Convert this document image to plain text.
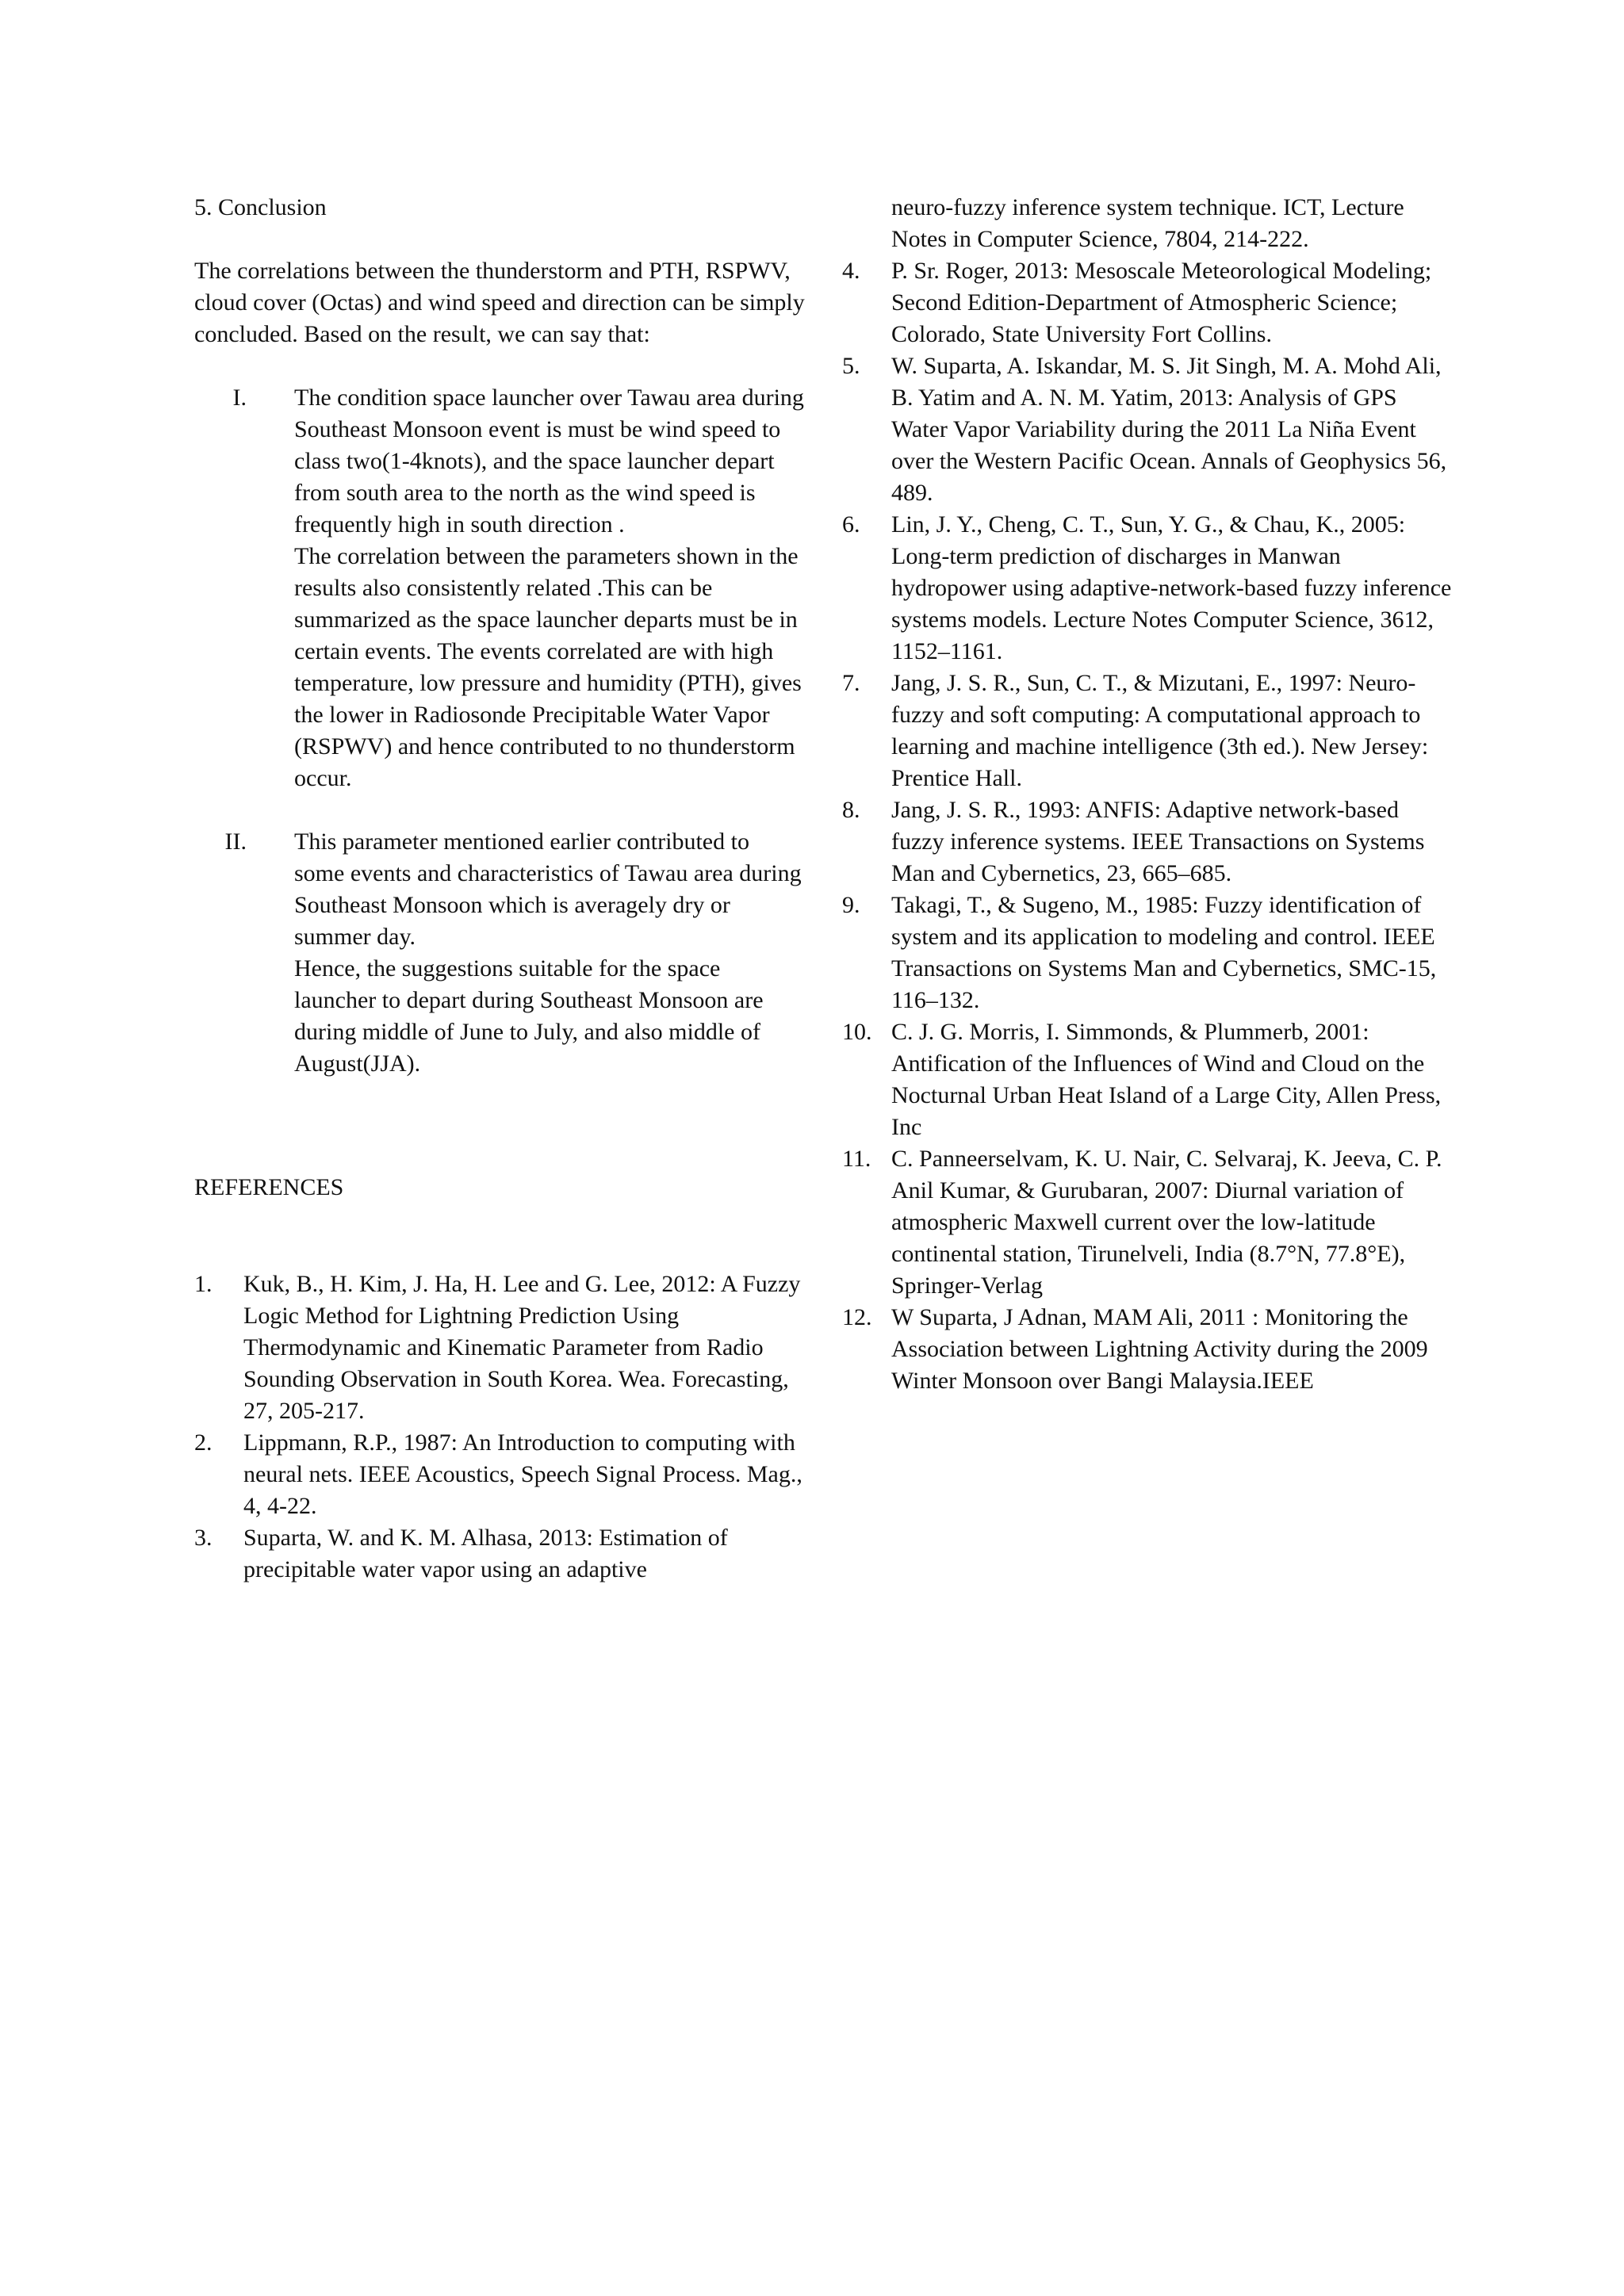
5. Conclusion

The correlations between the thunderstorm and PTH, RSPWV, cloud cover (Octas) and wind speed and direction can be simply concluded. Based on the result, we can say that:

I. The condition space launcher over Tawau area during Southeast Monsoon event is must be wind speed to class two(1-4knots), and the space launcher depart from south area to the north as the wind speed is frequently high in south direction .

The correlation between the parameters shown in the results also consistently related .This can be summarized as the space launcher departs must be in certain events. The events correlated are with high temperature, low pressure and humidity (PTH), gives the lower in Radiosonde Precipitable Water Vapor (RSPWV) and hence contributed to no thunderstorm occur.

II. This parameter mentioned earlier contributed to some events and characteristics of Tawau area during Southeast Monsoon which is averagely dry or summer day.

Hence, the suggestions suitable for the space launcher to depart during Southeast Monsoon are during middle of June to July, and also middle of August(JJA).

REFERENCES
1. Kuk, B., H. Kim, J. Ha, H. Lee and G. Lee, 2012: A Fuzzy Logic Method for Lightning Prediction Using Thermodynamic and Kinematic Parameter from Radio Sounding Observation in South Korea. Wea. Forecasting, 27, 205-217.
2. Lippmann, R.P., 1987: An Introduction to computing with neural nets. IEEE Acoustics, Speech Signal Process. Mag., 4, 4-22.
3. Suparta, W. and K. M. Alhasa, 2013: Estimation of precipitable water vapor using an adaptive
neuro-fuzzy inference system technique. ICT, Lecture Notes in Computer Science, 7804, 214-222.
4. P. Sr. Roger, 2013: Mesoscale Meteorological Modeling; Second Edition-Department of Atmospheric Science; Colorado, State University Fort Collins.
5. W. Suparta, A. Iskandar, M. S. Jit Singh, M. A. Mohd Ali, B. Yatim and A. N. M. Yatim, 2013: Analysis of GPS Water Vapor Variability during the 2011 La Niña Event over the Western Pacific Ocean. Annals of Geophysics 56, 489.
6. Lin, J. Y., Cheng, C. T., Sun, Y. G., & Chau, K., 2005: Long-term prediction of discharges in Manwan hydropower using adaptive-network-based fuzzy inference systems models. Lecture Notes Computer Science, 3612, 1152–1161.
7. Jang, J. S. R., Sun, C. T., & Mizutani, E., 1997: Neuro-fuzzy and soft computing: A computational approach to learning and machine intelligence (3th ed.). New Jersey: Prentice Hall.
8. Jang, J. S. R., 1993: ANFIS: Adaptive network-based fuzzy inference systems. IEEE Transactions on Systems Man and Cybernetics, 23, 665–685.
9. Takagi, T., & Sugeno, M., 1985: Fuzzy identification of system and its application to modeling and control. IEEE Transactions on Systems Man and Cybernetics, SMC-15, 116–132.
10. C. J. G. Morris, I. Simmonds, & Plummerb, 2001: Antification of the Influences of Wind and Cloud on the Nocturnal Urban Heat Island of a Large City, Allen Press, Inc
11. C. Panneerselvam, K. U. Nair, C. Selvaraj, K. Jeeva, C. P. Anil Kumar, & Gurubaran, 2007: Diurnal variation of atmospheric Maxwell current over the low-latitude continental station, Tirunelveli, India (8.7°N, 77.8°E), Springer-Verlag
12. W Suparta, J Adnan, MAM Ali, 2011 : Monitoring the Association between Lightning Activity during the 2009 Winter Monsoon over Bangi Malaysia.IEEE
